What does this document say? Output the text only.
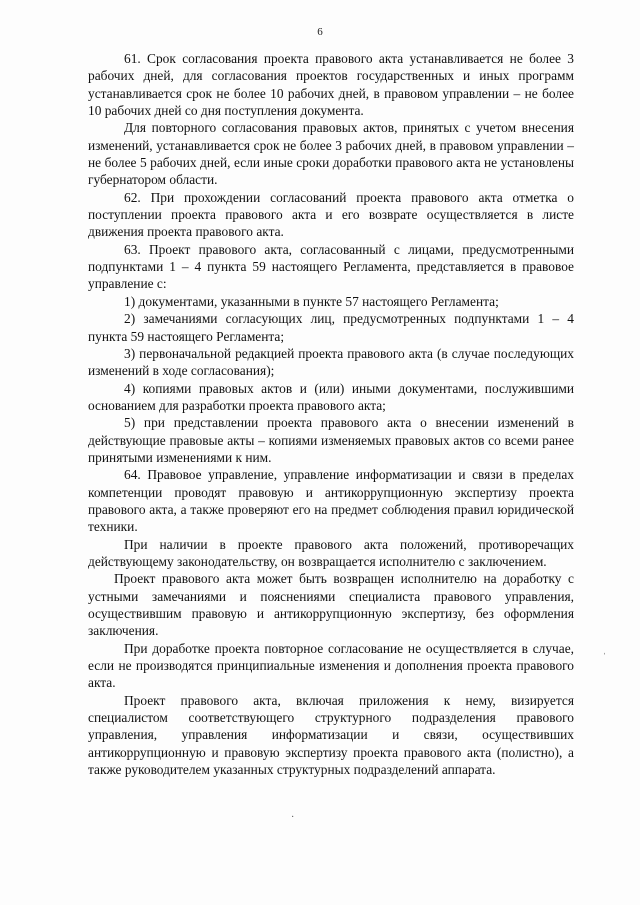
6

61. Срок согласования проекта правового акта устанавливается не более 3 рабочих дней, для согласования проектов государственных и иных программ устанавливается срок не более 10 рабочих дней, в правовом управлении – не более 10 рабочих дней со дня поступления документа.

Для повторного согласования правовых актов, принятых с учетом внесения изменений, устанавливается срок не более 3 рабочих дней, в правовом управлении – не более 5 рабочих дней, если иные сроки доработки правового акта не установлены губернатором области.

62. При прохождении согласований проекта правового акта отметка о поступлении проекта правового акта и его возврате осуществляется в листе движения проекта правового акта.

63. Проект правового акта, согласованный с лицами, предусмотренными подпунктами 1 – 4 пункта 59 настоящего Регламента, представляется в правовое управление с:

1) документами, указанными в пункте 57 настоящего Регламента;

2) замечаниями согласующих лиц, предусмотренных подпунктами 1 – 4 пункта 59 настоящего Регламента;

3) первоначальной редакцией проекта правового акта (в случае последующих изменений в ходе согласования);

4) копиями правовых актов и (или) иными документами, послужившими основанием для разработки проекта правового акта;

5) при представлении проекта правового акта о внесении изменений в действующие правовые акты – копиями изменяемых правовых актов со всеми ранее принятыми изменениями к ним.

64. Правовое управление, управление информатизации и связи в пределах компетенции проводят правовую и антикоррупционную экспертизу проекта правового акта, а также проверяют его на предмет соблюдения правил юридической техники.

При наличии в проекте правового акта положений, противоречащих действующему законодательству, он возвращается исполнителю с заключением.

Проект правового акта может быть возвращен исполнителю на доработку с устными замечаниями и пояснениями специалиста правового управления, осуществившим правовую и антикоррупционную экспертизу, без оформления заключения.

При доработке проекта повторное согласование не осуществляется в случае, если не производятся принципиальные изменения и дополнения проекта правового акта.

Проект правового акта, включая приложения к нему, визируется специалистом соответствующего структурного подразделения правового управления, управления информатизации и связи, осуществивших антикоррупционную и правовую экспертизу проекта правового акта (полистно), а также руководителем указанных структурных подразделений аппарата.

ˈ
·
